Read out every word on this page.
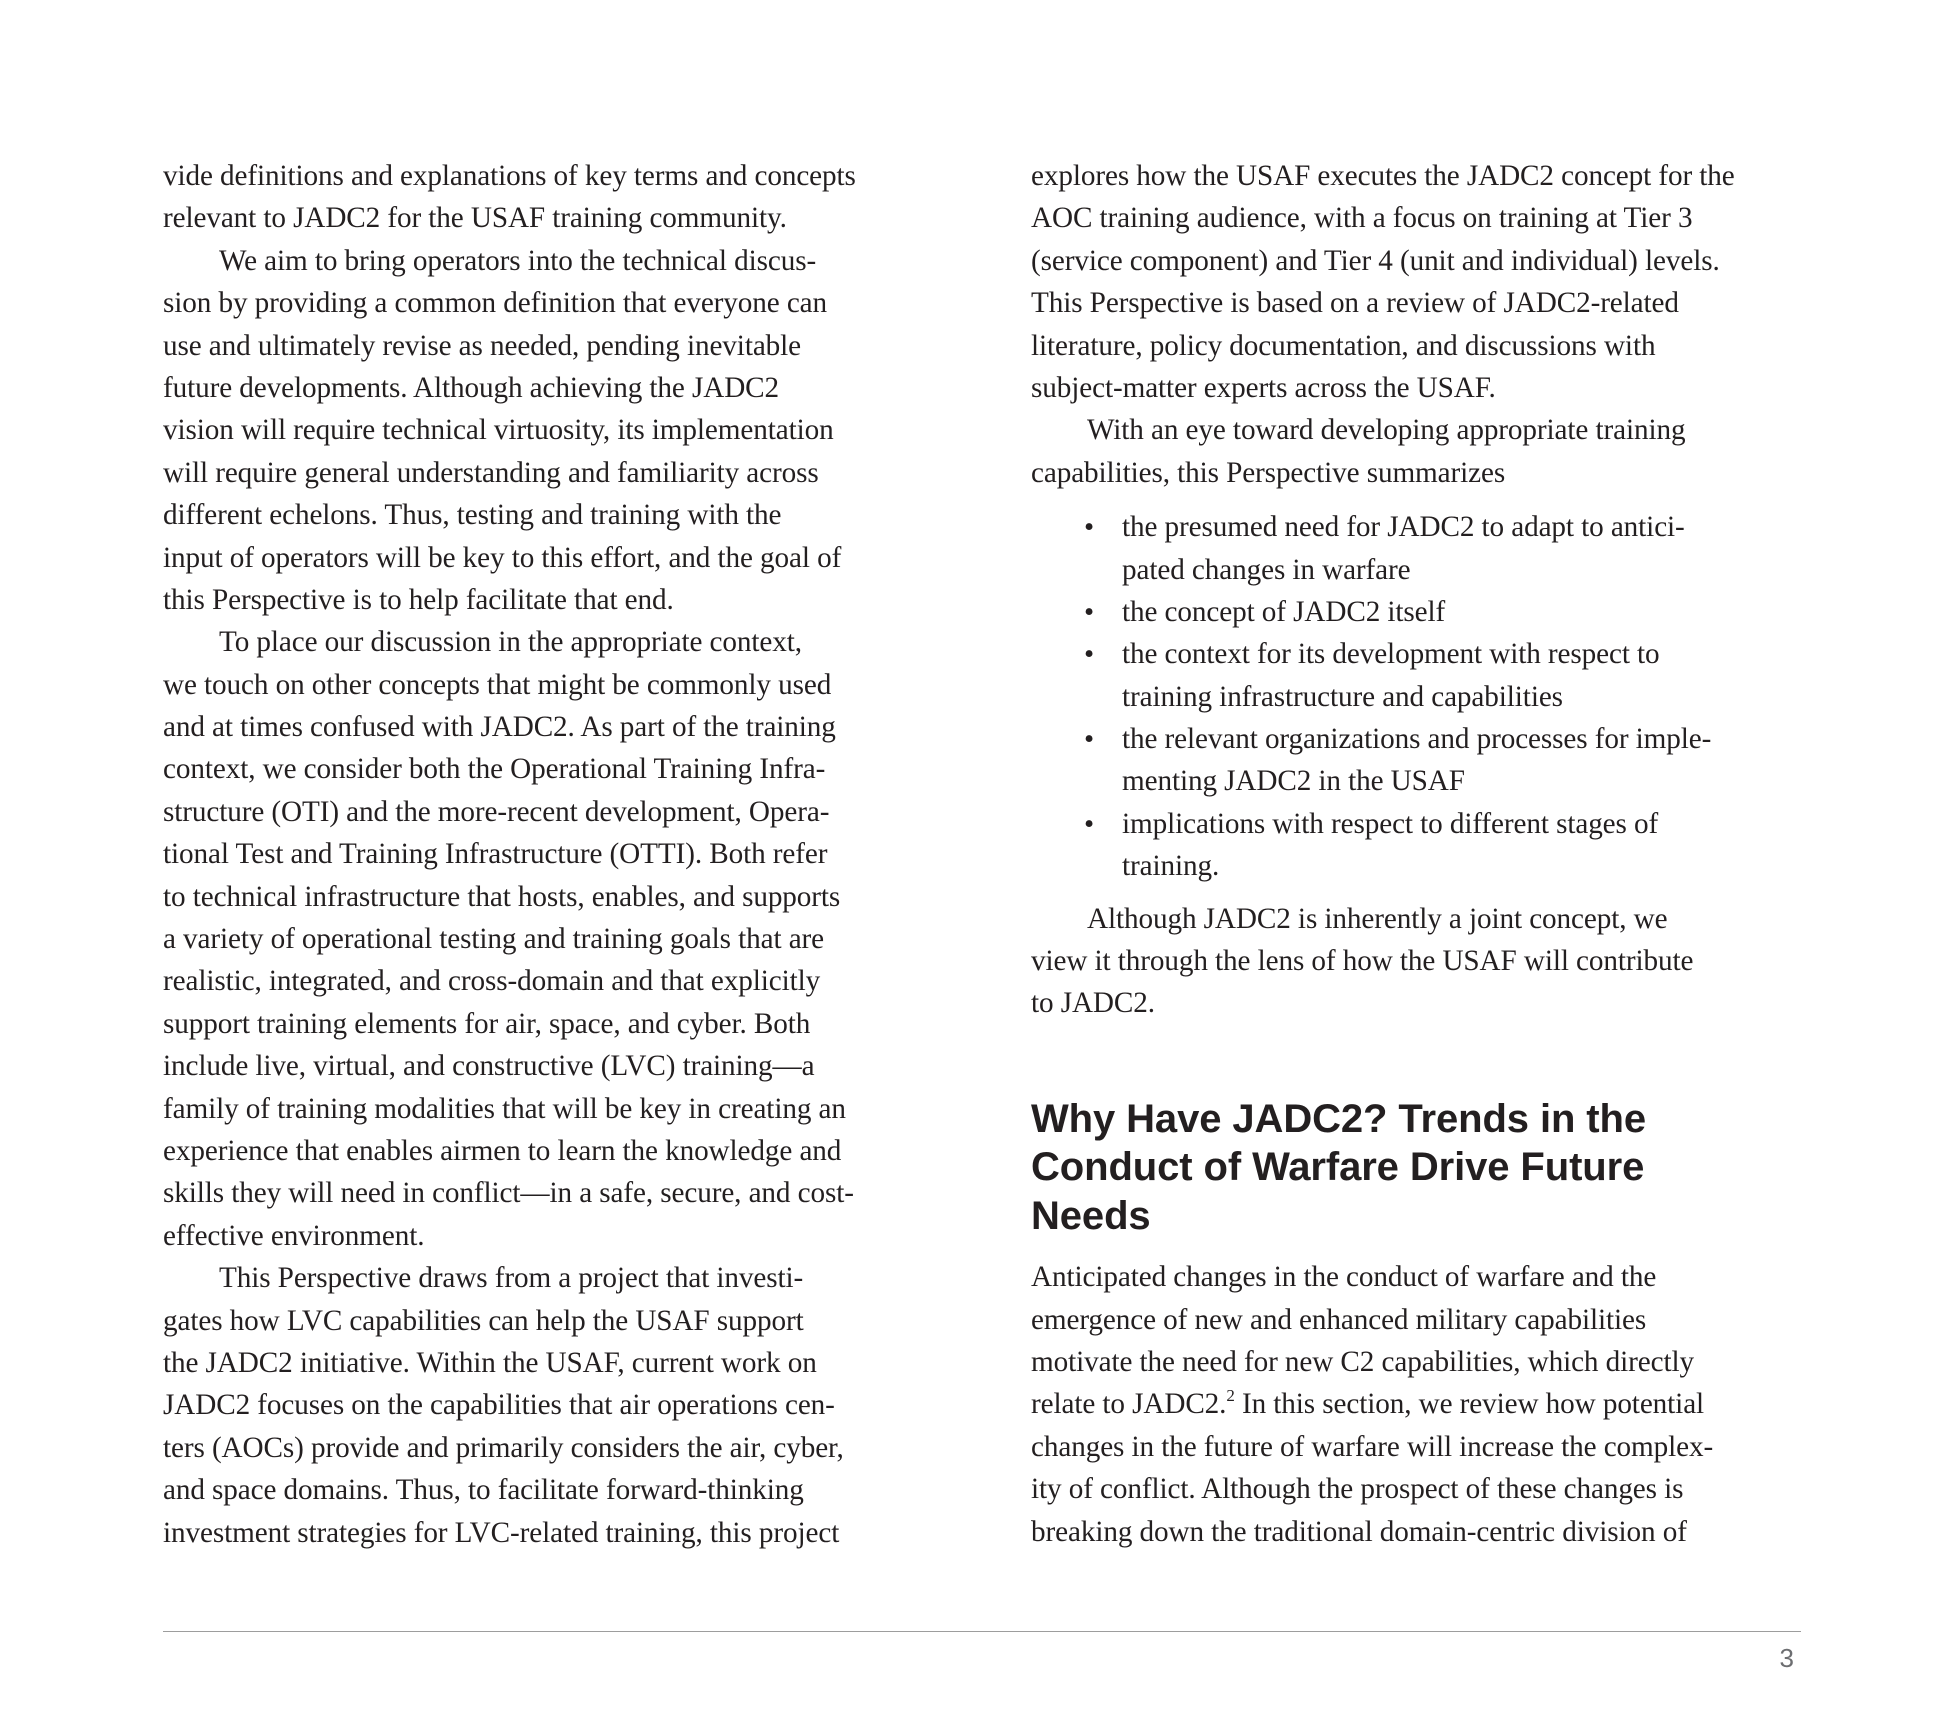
vide definitions and explanations of key terms and concepts
relevant to JADC2 for the USAF training community.
We aim to bring operators into the technical discus-
sion by providing a common definition that everyone can
use and ultimately revise as needed, pending inevitable
future developments. Although achieving the JADC2
vision will require technical virtuosity, its implementation
will require general understanding and familiarity across
different echelons. Thus, testing and training with the
input of operators will be key to this effort, and the goal of
this Perspective is to help facilitate that end.
To place our discussion in the appropriate context,
we touch on other concepts that might be commonly used
and at times confused with JADC2. As part of the training
context, we consider both the Operational Training Infra-
structure (OTI) and the more-recent development, Opera-
tional Test and Training Infrastructure (OTTI). Both refer
to technical infrastructure that hosts, enables, and supports
a variety of operational testing and training goals that are
realistic, integrated, and cross-domain and that explicitly
support training elements for air, space, and cyber. Both
include live, virtual, and constructive (LVC) training—a
family of training modalities that will be key in creating an
experience that enables airmen to learn the knowledge and
skills they will need in conflict—in a safe, secure, and cost-
effective environment.
This Perspective draws from a project that investi-
gates how LVC capabilities can help the USAF support
the JADC2 initiative. Within the USAF, current work on
JADC2 focuses on the capabilities that air operations cen-
ters (AOCs) provide and primarily considers the air, cyber,
and space domains. Thus, to facilitate forward-thinking
investment strategies for LVC-related training, this project
explores how the USAF executes the JADC2 concept for the
AOC training audience, with a focus on training at Tier 3
(service component) and Tier 4 (unit and individual) levels.
This Perspective is based on a review of JADC2-related
literature, policy documentation, and discussions with
subject-matter experts across the USAF.
With an eye toward developing appropriate training
capabilities, this Perspective summarizes
• the presumed need for JADC2 to adapt to antici-
pated changes in warfare
• the concept of JADC2 itself
• the context for its development with respect to
training infrastructure and capabilities
• the relevant organizations and processes for imple-
menting JADC2 in the USAF
• implications with respect to different stages of
training.
Although JADC2 is inherently a joint concept, we
view it through the lens of how the USAF will contribute
to JADC2.
Why Have JADC2? Trends in the
Conduct of Warfare Drive Future
Needs
Anticipated changes in the conduct of warfare and the
emergence of new and enhanced military capabilities
motivate the need for new C2 capabilities, which directly
relate to JADC2.$^2$ In this section, we review how potential
changes in the future of warfare will increase the complex-
ity of conflict. Although the prospect of these changes is
breaking down the traditional domain-centric division of
3
